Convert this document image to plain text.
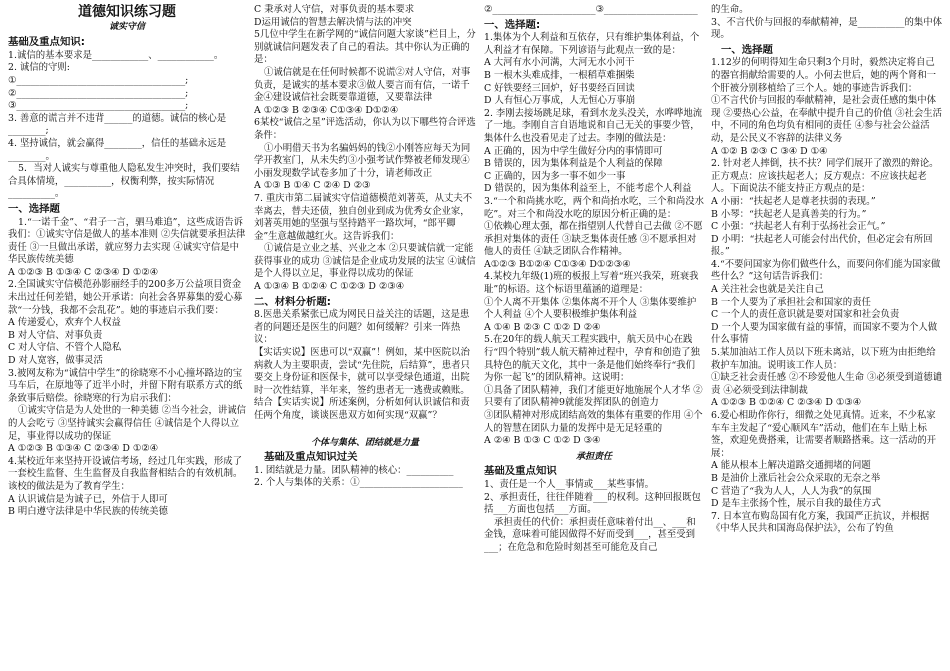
道德知识练习题
诚实守信
基础及重点知识:

1.诚信的基本要求是____________、____________。

2. 诚信的守则:

①____________________________________;

②____________________________________;

③____________________________________;

3. 善意的谎言并不违背______的道德。诚信的核心是________;

4. 坚持诚信，就会赢得________，信任的基础永远是________。

5．当对人诚实与尊重他人隐私发生冲突时，我们要结合具体情境，__________，权衡利弊，按实际情况__________。

一、选择题

1.“一诺千金”、“君子一言，驷马难追”，这些成语告诉我们：①诚实守信是做人的基本准则 ②失信就要承担法律责任 ③一旦做出承诺，就应努力去实现 ④诚实守信是中华民族传统美德

A ①②③ B ①③④ C ②③④ D ①②④

2.全国诚实守信模范孙影丽经手的200多万公益项目资金未出过任何差错，她公开承诺：向社会各界募集的爱心募款“一分钱，我都不会乱花”。她的事迹启示我们要：

A 传递爱心，欢弃个人权益

B 对人守信、对事负责

C 对人守信、不管个人隐私

D 对人宽容，做事灵活

3.被网友称为“诚信中学生”的徐晓寒不小心撞坏路边的宝马车后，在原地等了近半小时，并留下附有联系方式的纸条致事后赔偿。徐晓寒的行为启示我们：

①诚实守信是为人处世的一种美德 ②当今社会，讲诚信的人会吃亏 ③坚持诚实会赢得信任 ④诚信是个人得以立足，事业得以成功的保证

A ①②③ B ①③④ C ②③④ D ①②④

4.某校近年来坚持开设诚信考场，经过几年实践，形成了一套校生监督、生生监督及自我监督相结合的有效机制。该校的做法是为了教育学生：

A 认识诚信是为诚子已，外信于人即可

B 明白遵守法律是中华民族的传统美德

C 秉承对人守信，对事负责的基本要求

D运用诚信的智慧去解决情与法的冲突

5几位中学生在新学网的“诚信问题大家谈”栏目上，分别就诚信问题发表了自己的看法。其中你认为正确的是：

①诚信就是在任何时候都不说谎②对人守信，对事负责，是诚实的基本要求③做人要言而有信，一诺千金④建设诚信社会既要靠道德，又要靠法律

A ①②③ B ②③④ C①③④ D①②④

6某校“诚信之星”评选活动，你认为以下哪些符合评选条件：

①小明借天书为名骗妈妈的钱②小刚答应每天为同学开教室门，从未失约③小强考试作弊被老师发现④小丽发现数学试卷多加了十分，请老师改正

A ①③ B ①④ C ②④ D ②③

7. 重庆市第二届诚实守信道德模范刘著英，从丈夫不幸离去，替夫还债，独自创业到成为优秀女企业家，刘著英用她的坚强与坚持踏平一路坎坷，“郎平卿金”生意越做越红火。这告诉我们：

①诚信是立业之基、兴业之本 ②只要诚信就一定能获得事业的成功 ③诚信是企业成功发展的法宝 ④诚信是个人得以立足，事业得以成功的保证

A ①③④ B ①②④ C ①②③ D ②③④

二、材料分析题:

8.医患关系紧张已成为网民日益关注的话题，这是患者的问题还是医生的问题？如何缓解？引来一阵热议：

【实话实说】医患可以“双赢”！例如，某中医院以治病救人为主要职责，尝试“先住院，后结算”，患者只要交上身份证和医保卡，就可以享受绿色通道，出院时一次性结算，半年来，签约患者无一逃费或赖账。

结合【实话实说】所述案例，分析如何认识诚信和责任两个角度，谈谈医患双方如何实现“双赢”？

个体与集体、团结就是力量
基础及重点知识过关

1. 团结就是力量。团队精神的核心：__________

2. 个人与集体的关系：①______________________

②______________________③____________________

一、选择题:

1.集体为个人利益和互依存，只有维护集体利益，个人利益才有保障。下列谚语与此观点一致的是：

A 大河有水小河满，大河无水小河干

B 一根木头难成排，一根稻草难捆柴

C 好铁要经三回炉，好书要经百回读

D 人有恒心万事成，人无恒心万事崩

2. 李刚去接场跳足球，看到水龙头没关，水哗哗地流了一地。李刚自言自语地说和自己无关的事要少管，集体什么也没看见走了过去。李刚的做法是：

A 正确的，因为中学生做好分内的事情即可

B 错误的，因为集体利益是个人利益的保障

C 正确的，因为多一事不如少一事

D 错误的，因为集体利益至上，不能考虑个人利益

3.“一个和尚挑水吃，两个和尚抬水吃，三个和尚没水吃”。对三个和尚没水吃的原因分析正确的是：

①依赖心理太强，都在指望别人代替自己去做 ②不愿承担对集体的责任 ③缺乏集体责任感 ③不愿承担对他人的责任 ④缺乏团队合作精神。

A①②③ B①②④ C①③④ D①②③④

4.某校九年级(1)班的板报上写着“班兴我荣，班衰我耻”的标语。这个标语里蕴涵的道理是：

①个人离不开集体 ②集体离不开个人 ③集体要维护个人利益 ④个人要积极维护集体利益

A ①④ B ②③ C ①② D ②④

5.在20年的载人航天工程实践中，航天员中心在践行“四个特别”载人航天精神过程中，孕育和创造了独具特色的航天文化，其中一条是他们始终奉行“我们为你一起飞”的团队精神。这说明：

①具备了团队精神，我们才能更好地施展个人才华 ②只要有了团队精神9就能发挥团队的创造力

③团队精神对形成团结高效的集体有重要的作用 ④个人的智慧在团队力量的发挥中是无足轻重的

A ②④ B ①③ C ①② D ③④

承担责任
基础及重点知识

1、责任是一个人__事情或___某些事情。

2、承担责任，往往伴随着___的权利。这种回报既包括___方面也包括___方面。

承担责任的代价：承担责任意味着付出__、___和金钱，意味着可能因做得不好而受到___，甚至受到___；在危急和危险时刻甚至可能危及自己

的生命。

3、不言代价与回报的奉献精神，是__________的集中体现。

一、选择题

1.12岁的何明得知生命只剩3个月时，毅然决定将自己的器官捐献给需要的人。小何去世后，她的两个肾和一个肝被分别移植给了三个人。她的事迹告诉我们：

①不言代价与回报的奉献精神，是社会责任感的集中体现 ②要热心公益，在奉献中提升自己的价值 ③社会生活中，不同的角色均负有相同的责任 ④参与社会公益活动，是公民义不容辞的法律义务

A ①② B ②③ C ③④ D ①④

2. 针对老人摔倒，扶不扶？同学们展开了激烈的辩论。正方观点：应该扶起老人；反方观点：不应该扶起老人。下面说法不能支持正方观点的是：

A 小丽：“扶起老人是尊老扶弱的表现。”

B 小琴：“扶起老人是真善美的行为。”

C 小强：“扶起老人有利于弘扬社会正气。”

D 小明：“扶起老人可能会付出代价，但必定会有所回报。”

4.“不要问国家为你们做些什么，而要问你们能为国家做些什么？”这句话告诉我们：

A 关注社会也就是关注自己

B 一个人要为了承担社会和国家的责任

C 一个人的责任意识就是要对国家和社会负责

D 一个人要为国家做有益的事情，而国家不要为个人做什么事情

5.某加油站工作人员以下班未离站，以下班为由拒绝给救护车加油。说明该工作人员：

①缺乏社会责任感 ②不珍爱他人生命 ③必须受到道德谴责 ④必须受到法律制裁

A ①②③ B ①②④ C ②③④ D ①③④

6.爱心相助作你行，细微之处见真情。近来，不少私家车车主发起了“爱心顺风车”活动，他们在车上贴上标签，欢迎免费搭乘，让需要者顺路搭乘。这一活动的开展：

A 能从根本上解决道路交通拥堵的问题

B 是油价上涨后社会公众采取的无奈之举

C 营造了“我为人人，人人为我”的氛围

D 是车主张扬个性，展示自我的最佳方式

7. 日本宣布购岛国有化方案，我国严正抗议，并根据《中华人民共和国海岛保护法》，公布了钓鱼
